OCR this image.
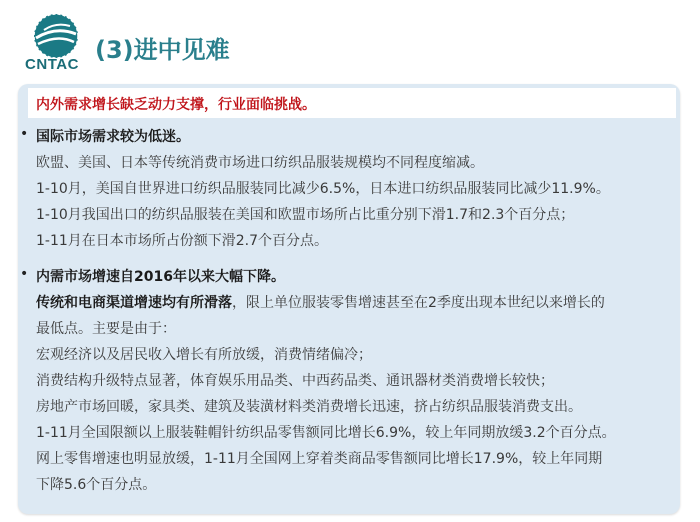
CNTAC
(3)进中见难
内外需求增长缺乏动力支撑，行业面临挑战。
• 国际市场需求较为低迷。
欧盟、美国、日本等传统消费市场进口纺织品服装规模均不同程度缩减。
1-10月，美国自世界进口纺织品服装同比减少6.5%，日本进口纺织品服装同比减少11.9%。
1-10月我国出口的纺织品服装在美国和欧盟市场所占比重分别下滑1.7和2.3个百分点；
1-11月在日本市场所占份额下滑2.7个百分点。
• 内需市场增速自2016年以来大幅下降。
传统和电商渠道增速均有所滑落，限上单位服装零售增速甚至在2季度出现本世纪以来增长的
最低点。主要是由于：
宏观经济以及居民收入增长有所放缓，消费情绪偏冷；
消费结构升级特点显著，体育娱乐用品类、中西药品类、通讯器材类消费增长较快；
房地产市场回暖，家具类、建筑及装潢材料类消费增长迅速，挤占纺织品服装消费支出。
1-11月全国限额以上服装鞋帽针纺织品零售额同比增长6.9%，较上年同期放缓3.2个百分点。
网上零售增速也明显放缓，1-11月全国网上穿着类商品零售额同比增长17.9%，较上年同期
下降5.6个百分点。
